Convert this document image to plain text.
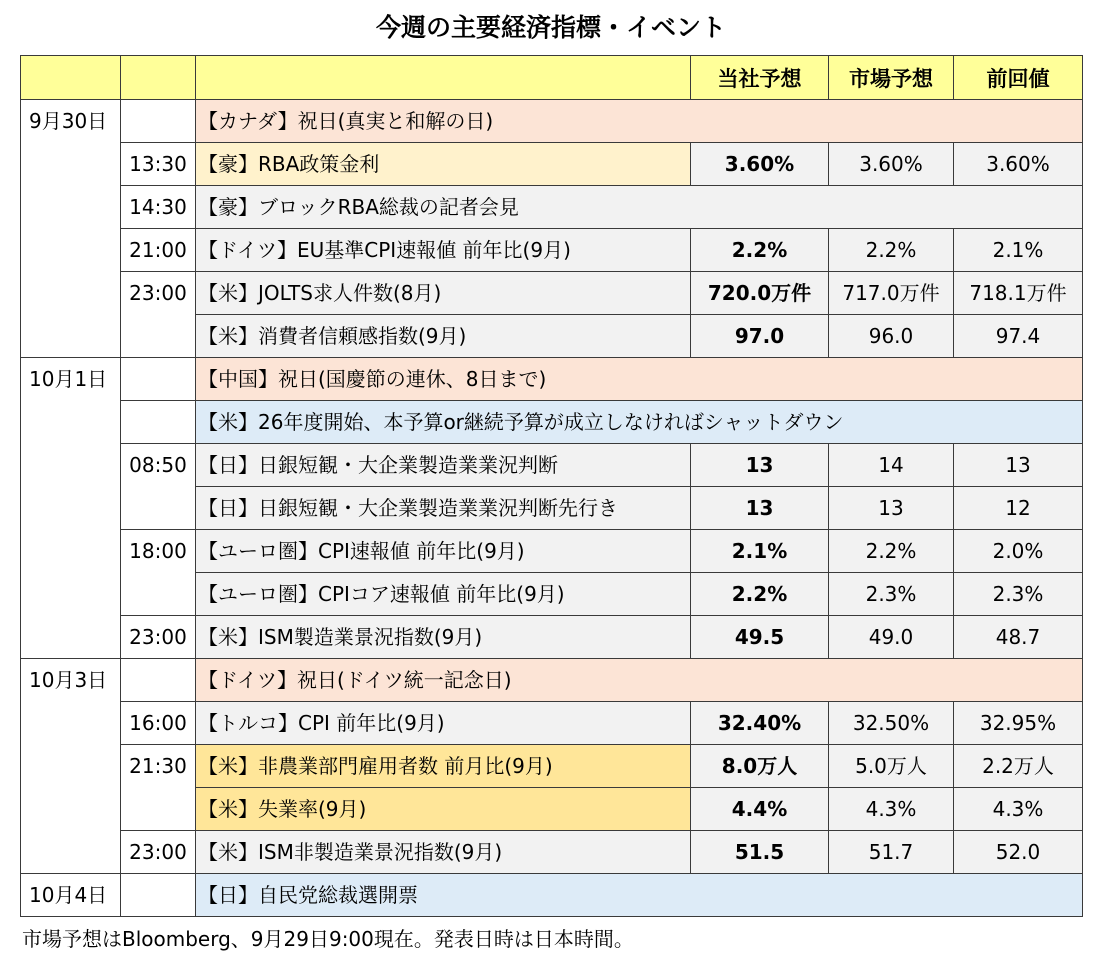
今週の主要経済指標・イベント
			当社予想	市場予想	前回値
9月30日		【カナダ】祝日(真実と和解の日)			
	13:30	【豪】RBA政策金利	3.60%	3.60%	3.60%
	14:30	【豪】ブロックRBA総裁の記者会見			
	21:00	【ドイツ】EU基準CPI速報値 前年比(9月)	2.2%	2.2%	2.1%
	23:00	【米】JOLTS求人件数(8月)	720.0万件	717.0万件	718.1万件
		【米】消費者信頼感指数(9月)	97.0	96.0	97.4
10月1日		【中国】祝日(国慶節の連休、8日まで)			
		【米】26年度開始、本予算or継続予算が成立しなければシャットダウン			
	08:50	【日】日銀短観・大企業製造業業況判断	13	14	13
		【日】日銀短観・大企業製造業業況判断先行き	13	13	12
	18:00	【ユーロ圏】CPI速報値 前年比(9月)	2.1%	2.2%	2.0%
		【ユーロ圏】CPIコア速報値 前年比(9月)	2.2%	2.3%	2.3%
	23:00	【米】ISM製造業景況指数(9月)	49.5	49.0	48.7
10月3日		【ドイツ】祝日(ドイツ統一記念日)			
	16:00	【トルコ】CPI 前年比(9月)	32.40%	32.50%	32.95%
	21:30	【米】非農業部門雇用者数 前月比(9月)	8.0万人	5.0万人	2.2万人
		【米】失業率(9月)	4.4%	4.3%	4.3%
	23:00	【米】ISM非製造業景況指数(9月)	51.5	51.7	52.0
10月4日		【日】自民党総裁選開票			

市場予想はBloomberg、9月29日9:00現在。発表日時は日本時間。
